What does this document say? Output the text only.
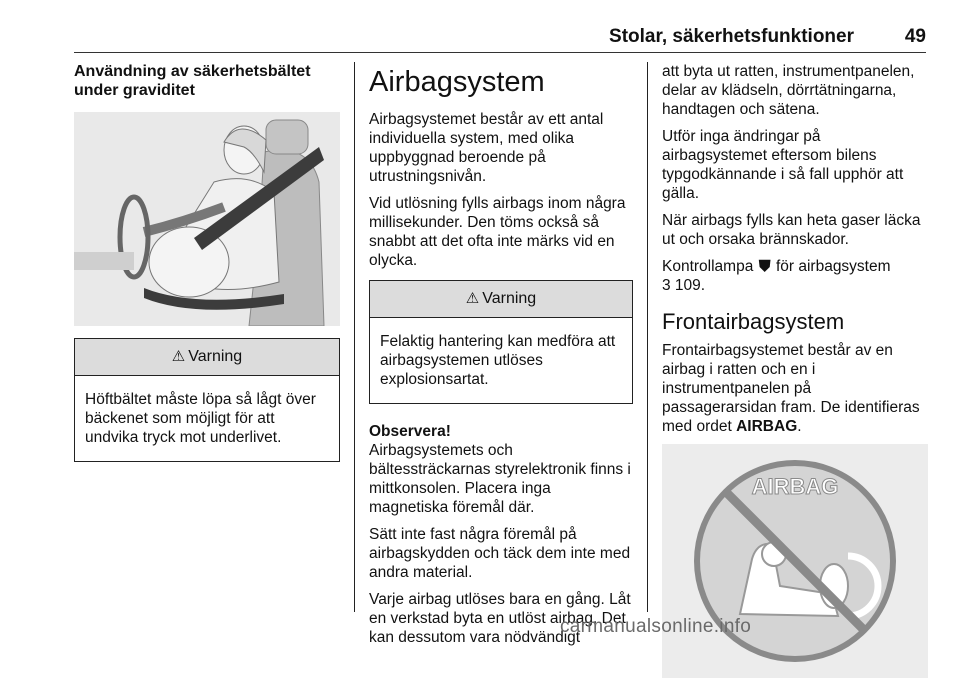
Stolar, säkerhetsfunktioner	49
Användning av säkerhetsbältet under graviditet
⚠ Varning
Höftbältet måste löpa så lågt över bäckenet som möjligt för att undvika tryck mot underlivet.
Airbagsystem

Airbagsystemet består av ett antal individuella system, med olika uppbyggnad beroende på utrustningsnivån.

Vid utlösning fylls airbags inom några millisekunder. Den töms också så snabbt att det ofta inte märks vid en olycka.

⚠ Varning
Felaktig hantering kan medföra att airbagsystemen utlöses explosionsartat.

Observera!

Airbagsystemets och bältessträckarnas styrelektronik finns i mittkonsolen. Placera inga magnetiska föremål där.

Sätt inte fast några föremål på airbagskydden och täck dem inte med andra material.

Varje airbag utlöses bara en gång. Låt en verkstad byta en utlöst airbag. Det kan dessutom vara nödvändigt

att byta ut ratten, instrumentpanelen, delar av klädseln, dörrtätningarna, handtagen och sätena.

Utför inga ändringar på airbagsystemet eftersom bilens typgodkännande i så fall upphör att gälla.

När airbags fylls kan heta gaser läcka ut och orsaka brännskador.

Kontrollampa ⛊ för airbagsystem

3 109.

Frontairbagsystem

Frontairbagsystemet består av en airbag i ratten och en i instrumentpanelen på passagerarsidan fram. De identifieras med ordet AIRBAG.

AIRBAG
carmanualsonline.info
